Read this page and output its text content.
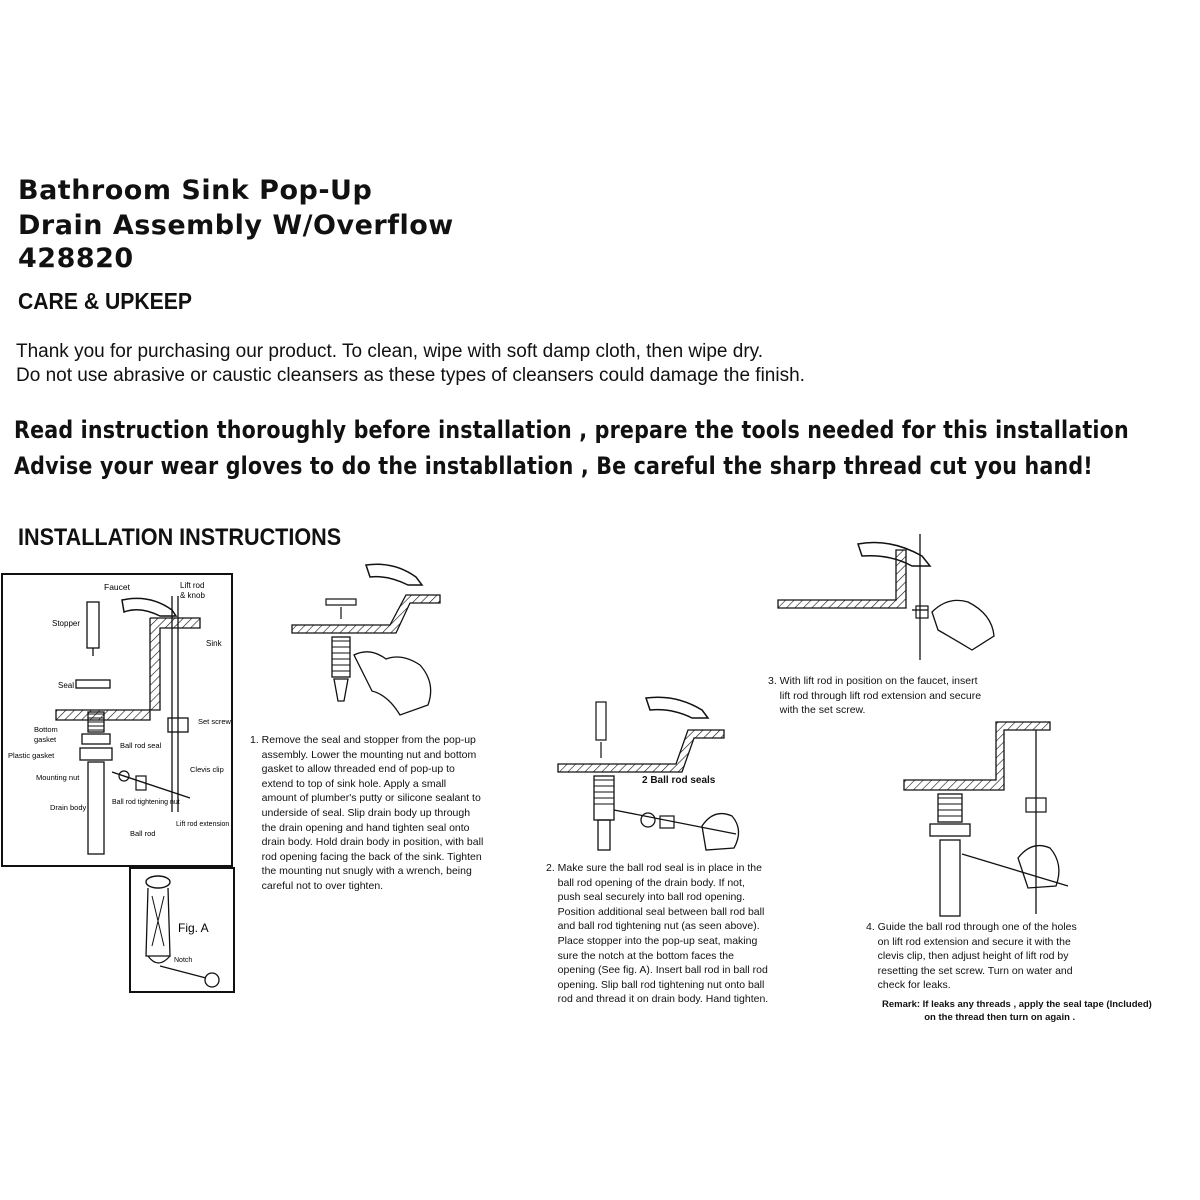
Bathroom Sink Pop-Up
Drain Assembly W/Overflow
428820
CARE & UPKEEP
Thank you for purchasing our product. To clean, wipe with soft damp cloth, then wipe dry.
Do not use abrasive or caustic cleansers as these types of cleansers could damage the finish.
Read instruction thoroughly before installation , prepare the tools needed for this installation
Advise your wear gloves to do the instabllation , Be careful the sharp thread cut you hand!
INSTALLATION INSTRUCTIONS
Faucet	Lift rod
& knob
Stopper
Sink
Seal
Bottom
gasket
Plastic gasket
Ball rod seal
Set screw
Mounting nut
Clevis clip
Drain body
Ball rod tightening nut
Lift rod extension
Ball rod
Fig. A
Notch
1. Remove the seal and stopper from the pop-up
assembly. Lower the mounting nut and bottom
gasket to allow threaded end of pop-up to
extend to top of sink hole. Apply a small
amount of plumber's putty or silicone sealant to
underside of seal. Slip drain body up through
the drain opening and hand tighten seal onto
drain body. Hold drain body in position, with ball
rod opening facing the back of the sink. Tighten
the mounting nut snugly with a wrench, being
careful not to over tighten.
2 Ball rod seals
2. Make sure the ball rod seal is in place in the
ball rod opening of the drain body. If not,
push seal securely into ball rod opening.
Position additional seal between ball rod ball
and ball rod tightening nut (as seen above).
Place stopper into the pop-up seat, making
sure the notch at the bottom faces the
opening (See fig. A). Insert ball rod in ball rod
opening. Slip ball rod tightening nut onto ball
rod and thread it on drain body. Hand tighten.
3. With lift rod in position on the faucet, insert
lift rod through lift rod extension and secure
with the set screw.
4. Guide the ball rod through one of the holes
on lift rod extension and secure it with the
clevis clip, then adjust height of lift rod by
resetting the set screw. Turn on water and
check for leaks.
Remark: If leaks any threads , apply the seal tape (Included)
on the thread then turn on again .
